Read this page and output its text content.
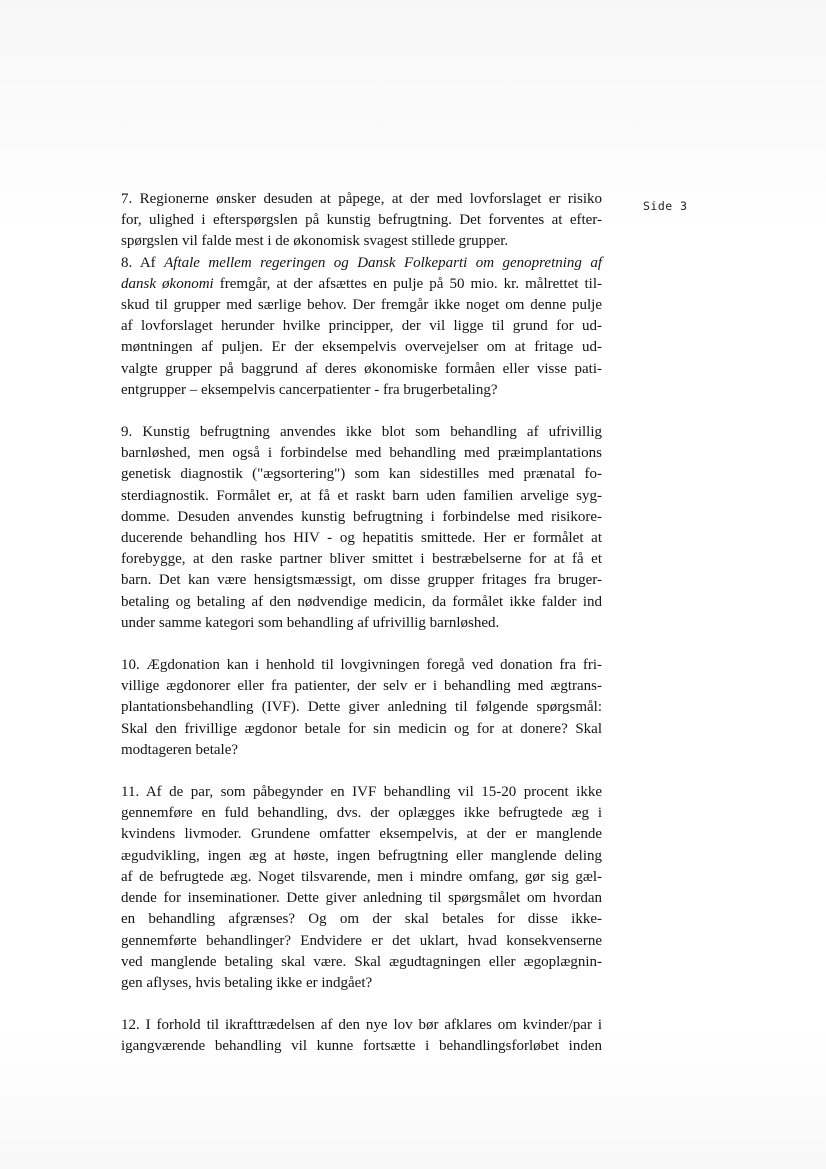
Side 3

7. Regionerne ønsker desuden at påpege, at der med lovforslaget er risiko
for, ulighed i efterspørgslen på kunstig befrugtning. Det forventes at efter-
spørgslen vil falde mest i de økonomisk svagest stillede grupper.

8. Af Aftale mellem regeringen og Dansk Folkeparti om genopretning af
dansk økonomi fremgår, at der afsættes en pulje på 50 mio. kr. målrettet til-
skud til grupper med særlige behov. Der fremgår ikke noget om denne pulje
af lovforslaget herunder hvilke principper, der vil ligge til grund for ud-
møntningen af puljen. Er der eksempelvis overvejelser om at fritage ud-
valgte grupper på baggrund af deres økonomiske formåen eller visse pati-
entgrupper – eksempelvis cancerpatienter - fra brugerbetaling?

9. Kunstig befrugtning anvendes ikke blot som behandling af ufrivillig
barnløshed, men også i forbindelse med behandling med præimplantations
genetisk diagnostik ("ægsortering") som kan sidestilles med prænatal fo-
sterdiagnostik. Formålet er, at få et raskt barn uden familien arvelige syg-
domme. Desuden anvendes kunstig befrugtning i forbindelse med risikore-
ducerende behandling hos HIV - og hepatitis smittede. Her er formålet at
forebygge, at den raske partner bliver smittet i bestræbelserne for at få et
barn. Det kan være hensigtsmæssigt, om disse grupper fritages fra bruger-
betaling og betaling af den nødvendige medicin, da formålet ikke falder ind
under samme kategori som behandling af ufrivillig barnløshed.

10. Ægdonation kan i henhold til lovgivningen foregå ved donation fra fri-
villige ægdonorer eller fra patienter, der selv er i behandling med ægtrans-
plantationsbehandling (IVF). Dette giver anledning til følgende spørgsmål:
Skal den frivillige ægdonor betale for sin medicin og for at donere? Skal
modtageren betale?

11. Af de par, som påbegynder en IVF behandling vil 15-20 procent ikke
gennemføre en fuld behandling, dvs. der oplægges ikke befrugtede æg i
kvindens livmoder. Grundene omfatter eksempelvis, at der er manglende
ægudvikling, ingen æg at høste, ingen befrugtning eller manglende deling
af de befrugtede æg. Noget tilsvarende, men i mindre omfang, gør sig gæl-
dende for inseminationer. Dette giver anledning til spørgsmålet om hvordan
en behandling afgrænses? Og om der skal betales for disse ikke-
gennemførte behandlinger? Endvidere er det uklart, hvad konsekvenserne
ved manglende betaling skal være. Skal ægudtagningen eller ægoplægnin-
gen aflyses, hvis betaling ikke er indgået?

12. I forhold til ikrafttrædelsen af den nye lov bør afklares om kvinder/par i
igangværende behandling vil kunne fortsætte i behandlingsforløbet inden
